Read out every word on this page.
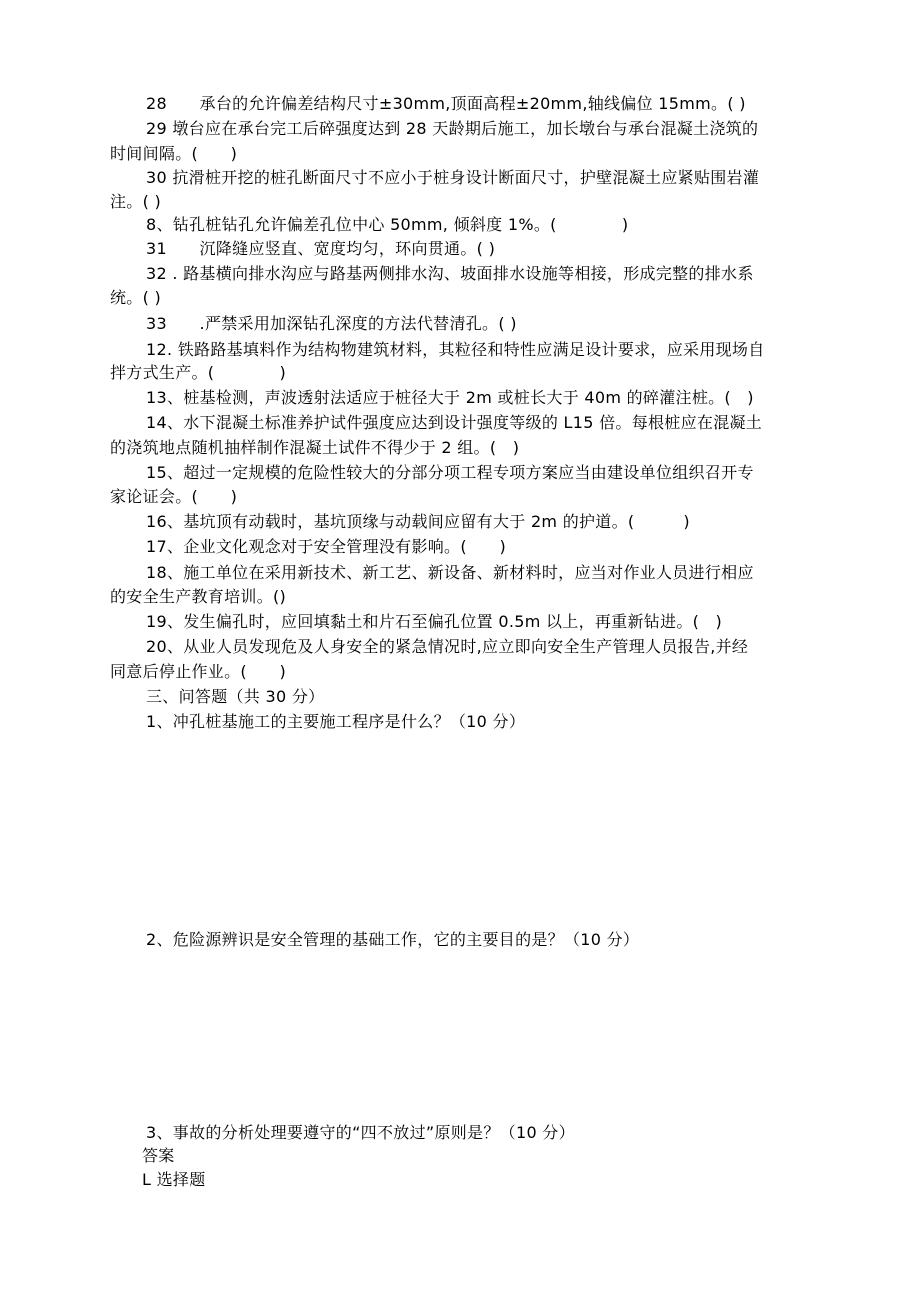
28　　承台的允许偏差结构尺寸±30mm,顶面高程±20mm,轴线偏位 15mm。( )
29 墩台应在承台完工后碎强度达到 28 天龄期后施工，加长墩台与承台混凝土浇筑的
时间间隔。(　　)
30 抗滑桩开挖的桩孔断面尺寸不应小于桩身设计断面尺寸，护壁混凝土应紧贴围岩灌
注。( )
8、钻孔桩钻孔允许偏差孔位中心 50mm, 倾斜度 1%。(　　　　)
31　　沉降缝应竖直、宽度均匀，环向贯通。( )
32 . 路基横向排水沟应与路基两侧排水沟、坡面排水设施等相接，形成完整的排水系
统。( )
33　　.严禁采用加深钻孔深度的方法代替清孔。( )
12. 铁路路基填料作为结构物建筑材料，其粒径和特性应满足设计要求，应采用现场自
拌方式生产。(　　　　)
13、桩基检测，声波透射法适应于桩径大于 2m 或桩长大于 40m 的碎灌注桩。(　)
14、水下混凝土标准养护试件强度应达到设计强度等级的 L15 倍。每根桩应在混凝土
的浇筑地点随机抽样制作混凝土试件不得少于 2 组。(　)
15、超过一定规模的危险性较大的分部分项工程专项方案应当由建设单位组织召开专
家论证会。(　　)
16、基坑顶有动载时，基坑顶缘与动载间应留有大于 2m 的护道。(　　　)
17、企业文化观念对于安全管理没有影响。(　　)
18、施工单位在采用新技术、新工艺、新设备、新材料时，应当对作业人员进行相应
的安全生产教育培训。()
19、发生偏孔时，应回填黏土和片石至偏孔位置 0.5m 以上，再重新钻进。(　)
20、从业人员发现危及人身安全的紧急情况时,应立即向安全生产管理人员报告,并经
同意后停止作业。(　　)
三、问答题（共 30 分）
1、冲孔桩基施工的主要施工程序是什么？（10 分）
2、危险源辨识是安全管理的基础工作，它的主要目的是？（10 分）
3、事故的分析处理要遵守的“四不放过”原则是？（10 分）
答案
L 选择题
